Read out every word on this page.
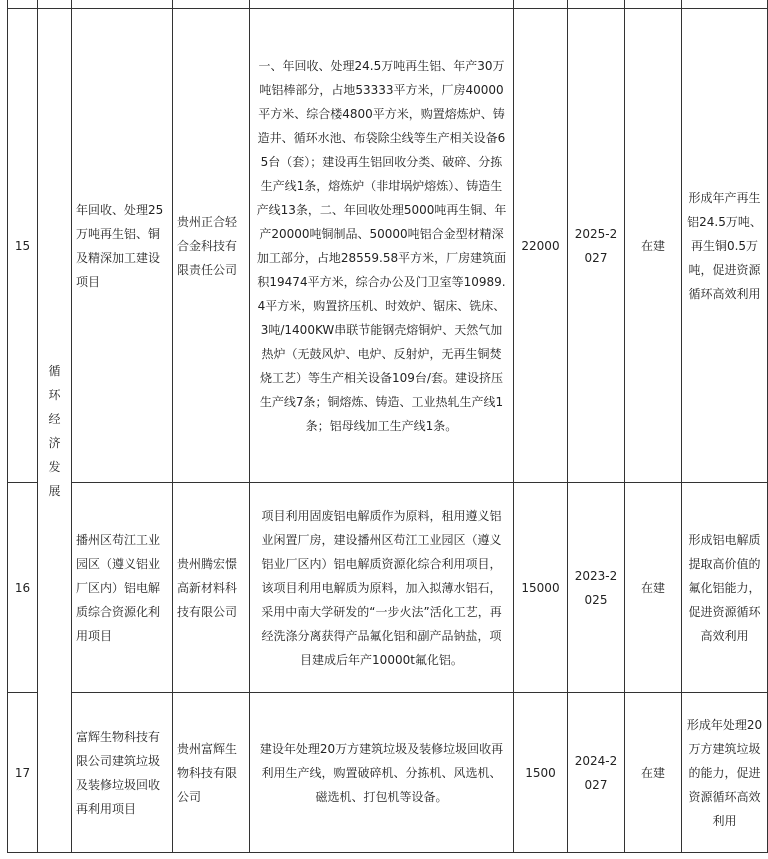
15	循环经济发展	年回收、处理25万吨再生铝、铜及精深加工建设项目	贵州正合轻合金科技有限责任公司	一、年回收、处理24.5万吨再生铝、年产30万吨铝棒部分，占地53333平方米，厂房40000平方米、综合楼4800平方米，购置熔炼炉、铸造井、循环水池、布袋除尘线等生产相关设备65台（套）；建设再生铝回收分类、破碎、分拣生产线1条，熔炼炉（非坩埚炉熔炼）、铸造生产线13条，二、年回收处理5000吨再生铜、年产20000吨铜制品、50000吨铝合金型材精深加工部分，占地28559.58平方米，厂房建筑面积19474平方米，综合办公及门卫室等10989.4平方米，购置挤压机、时效炉、锯床、铣床、3吨/1400KW串联节能钢壳熔铜炉、天然气加热炉（无鼓风炉、电炉、反射炉，无再生铜焚烧工艺）等生产相关设备109台/套。建设挤压生产线7条；铜熔炼、铸造、工业热轧生产线1条；铝母线加工生产线1条。	22000	2025-2027	在建	形成年产再生铝24.5万吨、再生铜0.5万吨，促进资源循环高效利用
16		播州区苟江工业园区（遵义铝业厂区内）铝电解质综合资源化利用项目	贵州腾宏憬高新材料科技有限公司	项目利用固废铝电解质作为原料，租用遵义铝业闲置厂房，建设播州区苟江工业园区（遵义铝业厂区内）铝电解质资源化综合利用项目，该项目利用电解质为原料，加入拟薄水铝石，采用中南大学研发的“一步火法”活化工艺，再经洗涤分离获得产品氟化铝和副产品钠盐，项目建成后年产10000t氟化铝。	15000	2023-2025	在建	形成铝电解质提取高价值的氟化铝能力，促进资源循环高效利用
17		富辉生物科技有限公司建筑垃圾及装修垃圾回收再利用项目	贵州富辉生物科技有限公司	建设年处理20万方建筑垃圾及装修垃圾回收再利用生产线，购置破碎机、分拣机、风选机、磁选机、打包机等设备。	1500	2024-2027	在建	形成年处理20万方建筑垃圾的能力，促进资源循环高效利用
